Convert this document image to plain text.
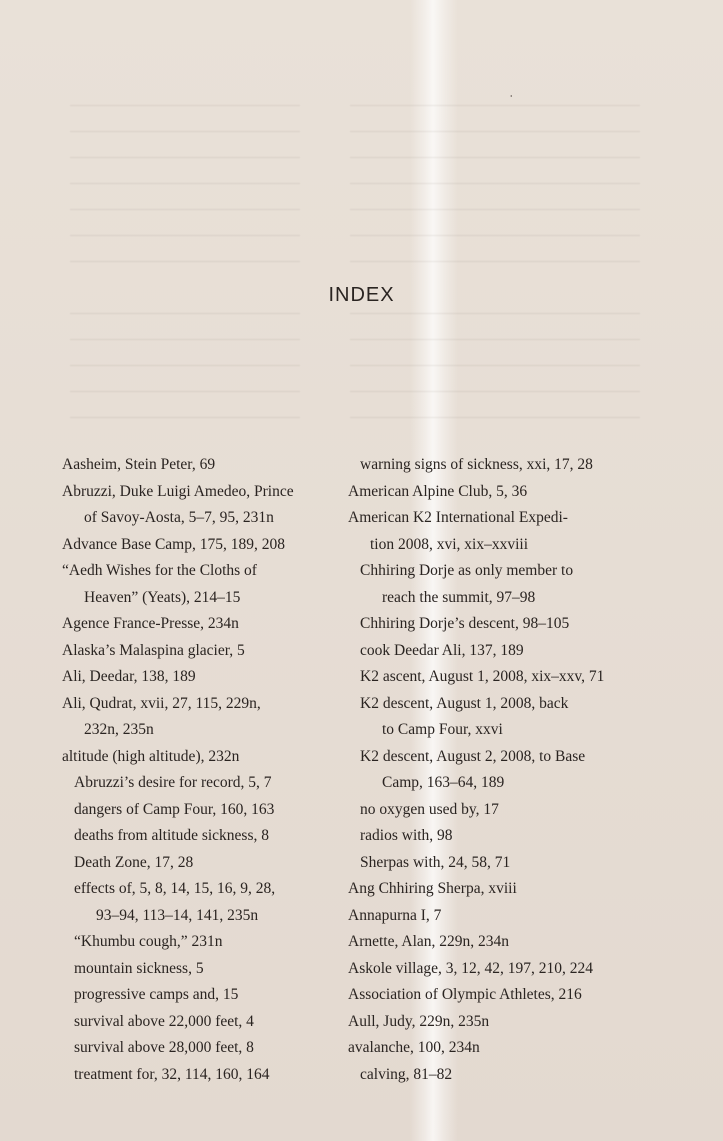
ˈ
INDEX
Aasheim, Stein Peter, 69
Abruzzi, Duke Luigi Amedeo, Prince
of Savoy-Aosta, 5–7, 95, 231n
Advance Base Camp, 175, 189, 208
“Aedh Wishes for the Cloths of
Heaven” (Yeats), 214–15
Agence France-Presse, 234n
Alaska’s Malaspina glacier, 5
Ali, Deedar, 138, 189
Ali, Qudrat, xvii, 27, 115, 229n,
232n, 235n
altitude (high altitude), 232n
Abruzzi’s desire for record, 5, 7
dangers of Camp Four, 160, 163
deaths from altitude sickness, 8
Death Zone, 17, 28
effects of, 5, 8, 14, 15, 16, 9, 28,
93–94, 113–14, 141, 235n
“Khumbu cough,” 231n
mountain sickness, 5
progressive camps and, 15
survival above 22,000 feet, 4
survival above 28,000 feet, 8
treatment for, 32, 114, 160, 164
warning signs of sickness, xxi, 17, 28
American Alpine Club, 5, 36
American K2 International Expedi-
tion 2008, xvi, xix–xxviii
Chhiring Dorje as only member to
reach the summit, 97–98
Chhiring Dorje’s descent, 98–105
cook Deedar Ali, 137, 189
K2 ascent, August 1, 2008, xix–xxv, 71
K2 descent, August 1, 2008, back
to Camp Four, xxvi
K2 descent, August 2, 2008, to Base
Camp, 163–64, 189
no oxygen used by, 17
radios with, 98
Sherpas with, 24, 58, 71
Ang Chhiring Sherpa, xviii
Annapurna I, 7
Arnette, Alan, 229n, 234n
Askole village, 3, 12, 42, 197, 210, 224
Association of Olympic Athletes, 216
Aull, Judy, 229n, 235n
avalanche, 100, 234n
calving, 81–82
